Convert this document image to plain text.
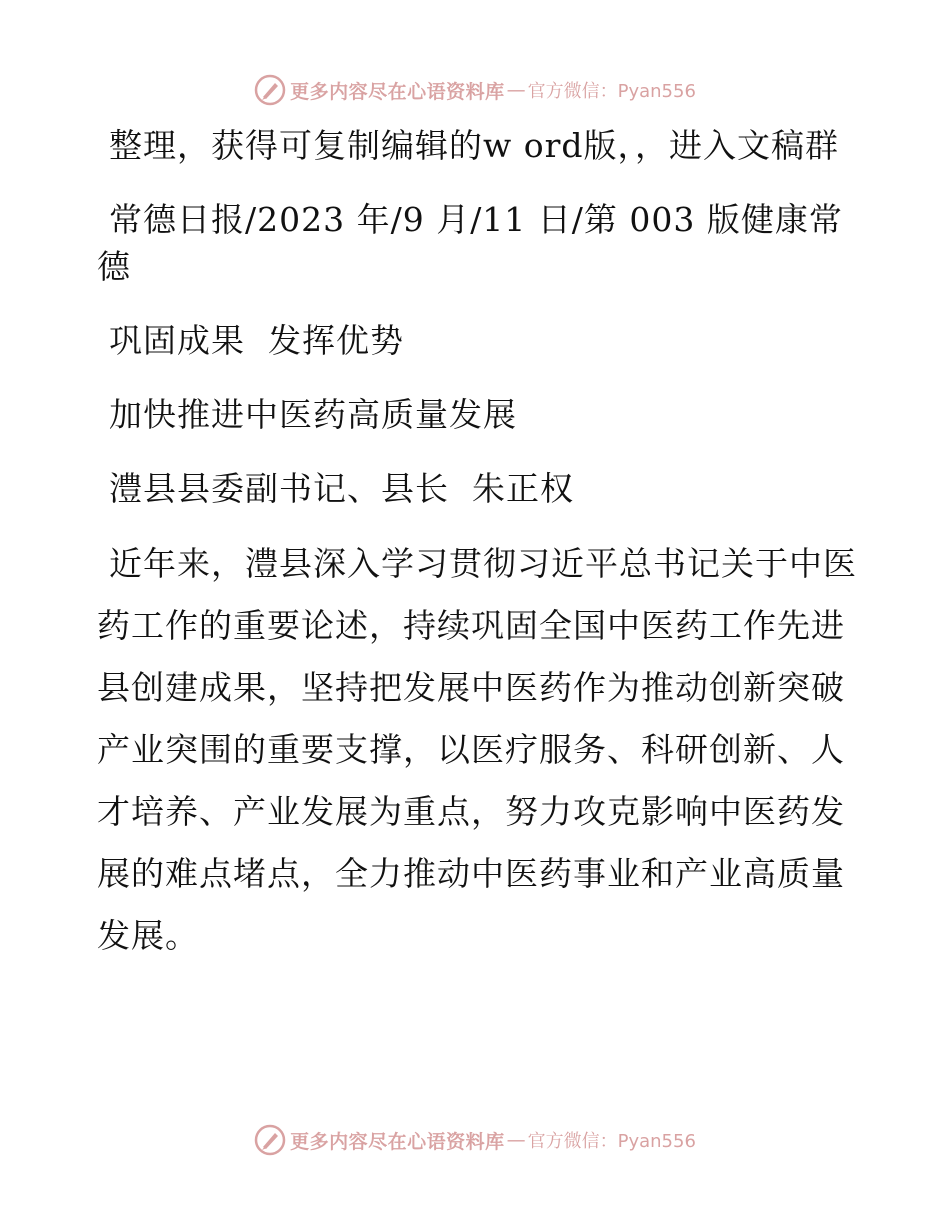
更多内容尽在心语资料库 — 官方微信：Pyan556
整理，获得可复制编辑的w ord版，，进入文稿群
常德日报/2023 年/9 月/11 日/第 003 版健康常德
巩固成果  发挥优势
加快推进中医药高质量发展
澧县县委副书记、县长  朱正权
近年来，澧县深入学习贯彻习近平总书记关于中医药工作的重要论述，持续巩固全国中医药工作先进县创建成果，坚持把发展中医药作为推动创新突破产业突围的重要支撑，以医疗服务、科研创新、人才培养、产业发展为重点，努力攻克影响中医药发展的难点堵点，全力推动中医药事业和产业高质量发展。
更多内容尽在心语资料库 — 官方微信：Pyan556
